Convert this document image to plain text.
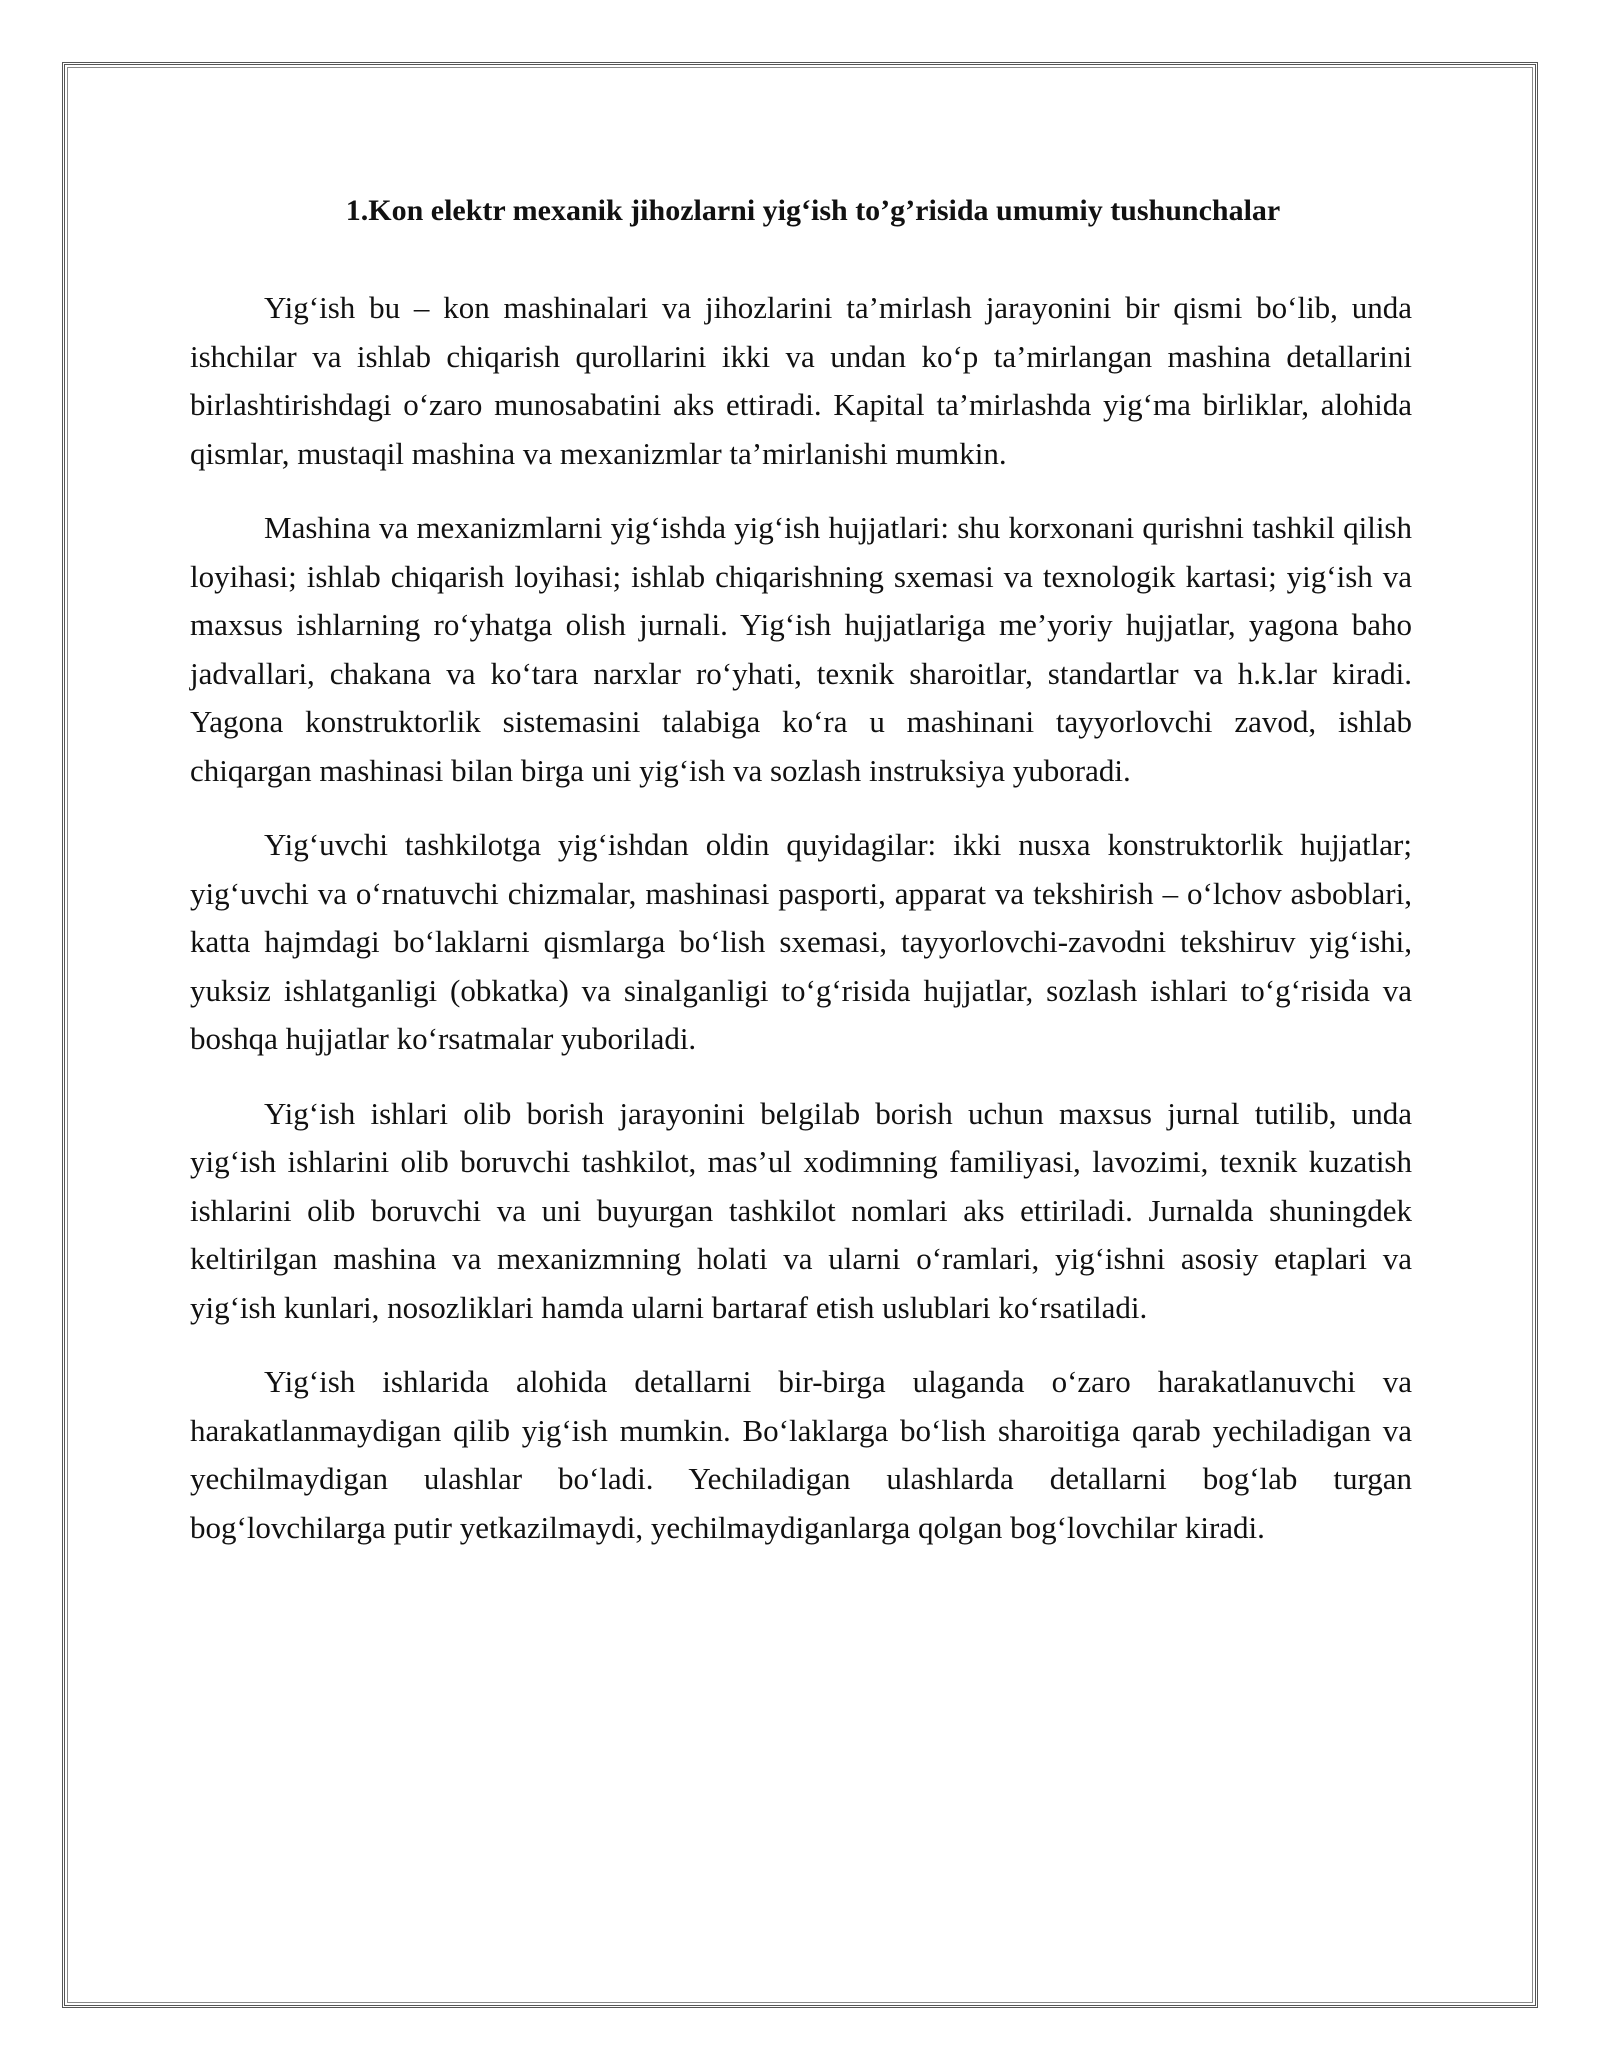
1.Kon elektr mexanik jihozlarni yig‘ish to’g’risida umumiy tushunchalar

Yig‘ish bu – kon mashinalari va jihozlarini ta’mirlash jarayonini bir qismi bo‘lib, unda ishchilar va ishlab chiqarish qurollarini ikki va undan ko‘p ta’mirlangan mashina detallarini birlashtirishdagi o‘zaro munosabatini aks ettiradi. Kapital ta’mirlashda yig‘ma birliklar, alohida qismlar, mustaqil mashina va mexanizmlar ta’mirlanishi mumkin.

Mashina va mexanizmlarni yig‘ishda yig‘ish hujjatlari: shu korxonani qurishni tashkil qilish loyihasi; ishlab chiqarish loyihasi; ishlab chiqarishning sxemasi va texnologik kartasi; yig‘ish va maxsus ishlarning ro‘yhatga olish jurnali. Yig‘ish hujjatlariga me’yoriy hujjatlar, yagona baho jadvallari, chakana va ko‘tara narxlar ro‘yhati, texnik sharoitlar, standartlar va h.k.lar kiradi. Yagona konstruktorlik sistemasini talabiga ko‘ra u mashinani tayyorlovchi zavod, ishlab chiqargan mashinasi bilan birga uni yig‘ish va sozlash instruksiya yuboradi.

Yig‘uvchi tashkilotga yig‘ishdan oldin quyidagilar: ikki nusxa konstruktorlik hujjatlar; yig‘uvchi va o‘rnatuvchi chizmalar, mashinasi pasporti, apparat va tekshirish – o‘lchov asboblari, katta hajmdagi bo‘laklarni qismlarga bo‘lish sxemasi, tayyorlovchi-zavodni tekshiruv yig‘ishi, yuksiz ishlatganligi (obkatka) va sinalganligi to‘g‘risida hujjatlar, sozlash ishlari to‘g‘risida va boshqa hujjatlar ko‘rsatmalar yuboriladi.

Yig‘ish ishlari olib borish jarayonini belgilab borish uchun maxsus jurnal tutilib, unda yig‘ish ishlarini olib boruvchi tashkilot, mas’ul xodimning familiyasi, lavozimi, texnik kuzatish ishlarini olib boruvchi va uni buyurgan tashkilot nomlari aks ettiriladi. Jurnalda shuningdek keltirilgan mashina va mexanizmning holati va ularni o‘ramlari, yig‘ishni asosiy etaplari va yig‘ish kunlari, nosozliklari hamda ularni bartaraf etish uslublari ko‘rsatiladi.

Yig‘ish ishlarida alohida detallarni bir-birga ulaganda o‘zaro harakatlanuvchi va harakatlanmaydigan qilib yig‘ish mumkin. Bo‘laklarga bo‘lish sharoitiga qarab yechiladigan va yechilmaydigan ulashlar bo‘ladi. Yechiladigan ulashlarda detallarni bog‘lab turgan bog‘lovchilarga putir yetkazilmaydi, yechilmaydiganlarga qolgan bog‘lovchilar kiradi.
